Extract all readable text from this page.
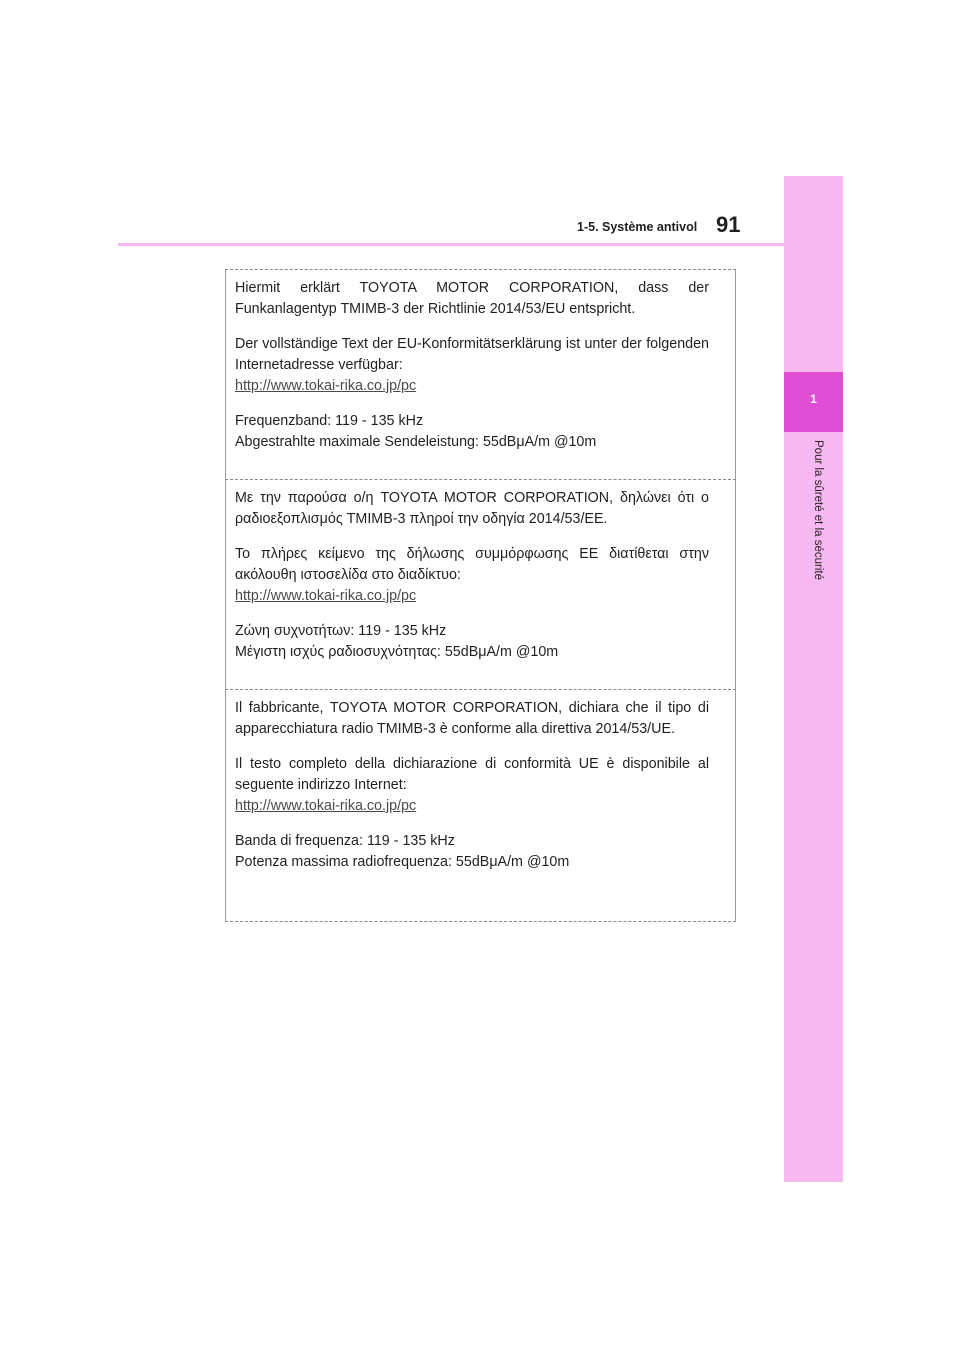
1
Pour la sûreté et la sécurité
1-5. Système antivol 91

Hiermit erklärt TOYOTA MOTOR CORPORATION, dass der Funkanlagentyp TMIMB-3 der Richtlinie 2014/53/EU entspricht.

Der vollständige Text der EU-Konformitätserklärung ist unter der folgenden Internetadresse verfügbar:
http://www.tokai-rika.co.jp/pc

Frequenzband: 119 - 135 kHz
Abgestrahlte maximale Sendeleistung: 55dBμA/m @10m

Με την παρούσα ο/η TOYOTA MOTOR CORPORATION, δηλώνει ότι ο ραδιοεξοπλισμός TMIMB-3 πληροί την οδηγία 2014/53/ΕΕ.

Το πλήρες κείμενο της δήλωσης συμμόρφωσης ΕΕ διατίθεται στην ακόλουθη ιστοσελίδα στο διαδίκτυο:
http://www.tokai-rika.co.jp/pc

Ζώνη συχνοτήτων: 119 - 135 kHz
Μέγιστη ισχύς ραδιοσυχνότητας: 55dBμA/m @10m

Il fabbricante, TOYOTA MOTOR CORPORATION, dichiara che il tipo di apparecchiatura radio TMIMB-3 è conforme alla direttiva 2014/53/UE.

Il testo completo della dichiarazione di conformità UE è disponibile al seguente indirizzo Internet:
http://www.tokai-rika.co.jp/pc

Banda di frequenza: 119 - 135 kHz
Potenza massima radiofrequenza: 55dBμA/m @10m
